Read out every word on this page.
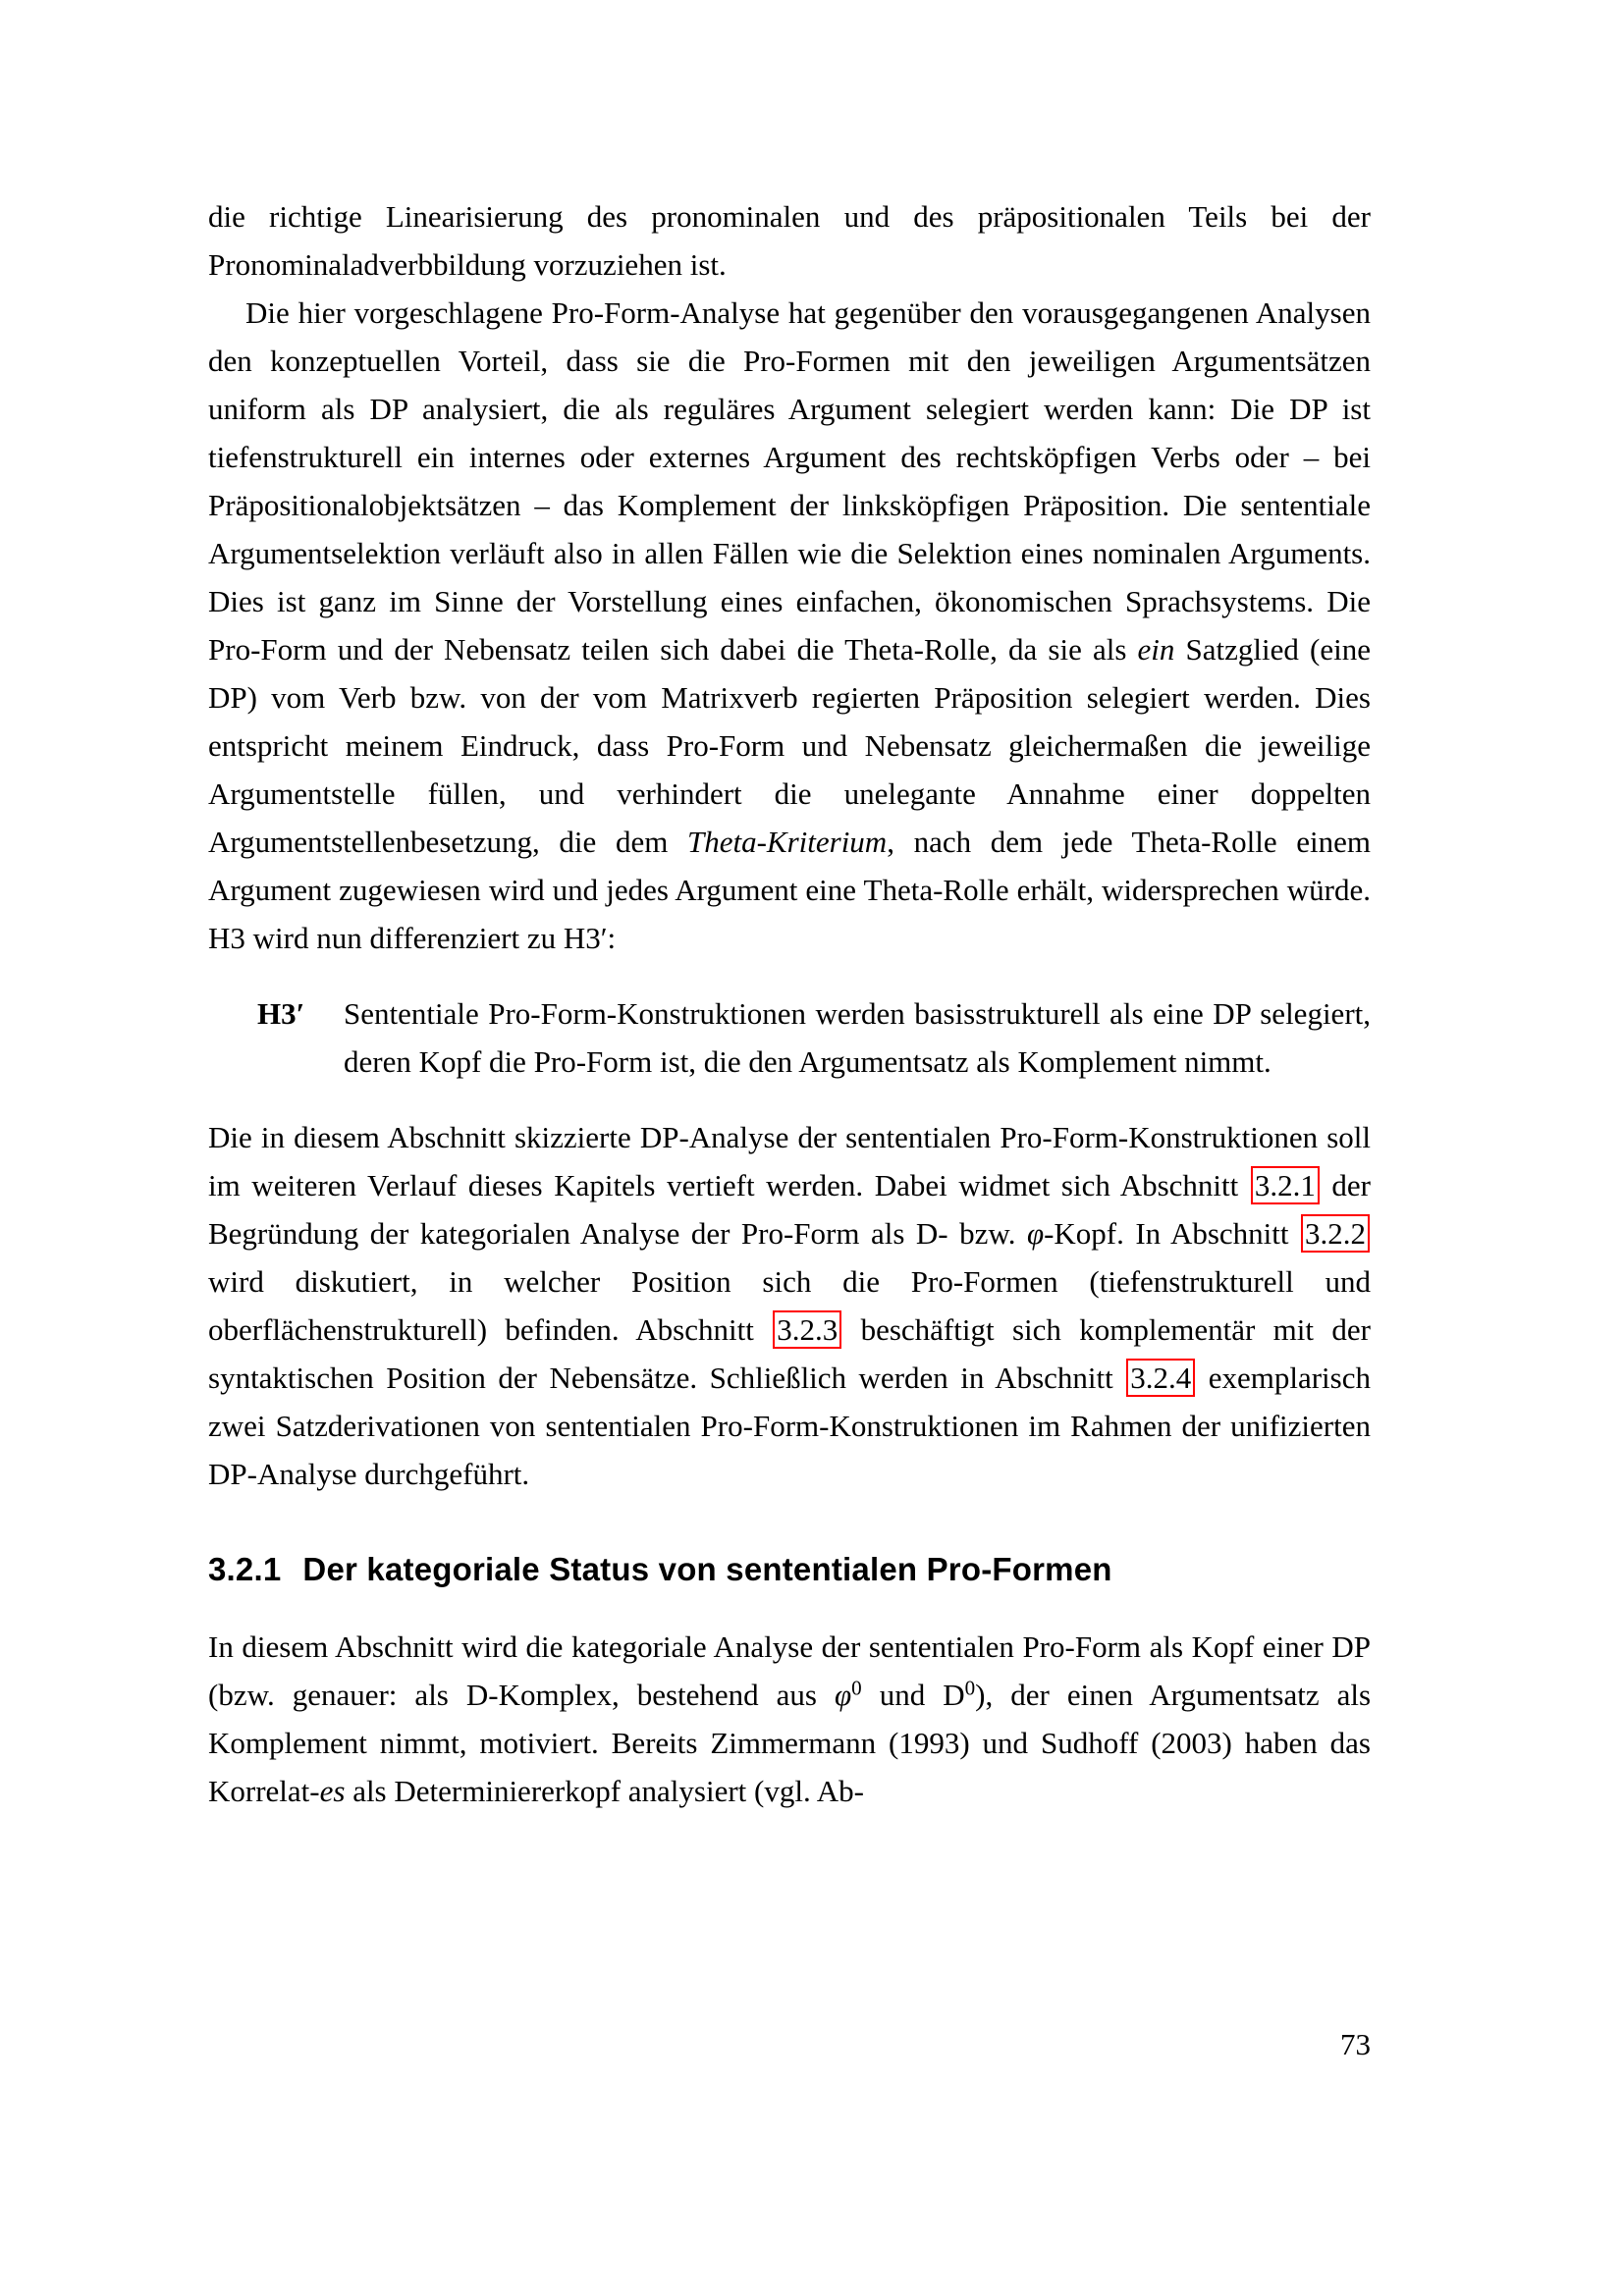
die richtige Linearisierung des pronominalen und des präpositionalen Teils bei der Pronominaladverbbildung vorzuziehen ist.

Die hier vorgeschlagene Pro-Form-Analyse hat gegenüber den vorausgegangenen Analysen den konzeptuellen Vorteil, dass sie die Pro-Formen mit den jeweiligen Argumentsätzen uniform als DP analysiert, die als reguläres Argument selegiert werden kann: Die DP ist tiefenstrukturell ein internes oder externes Argument des rechtsköpfigen Verbs oder – bei Präpositionalobjektsätzen – das Komplement der linksköpfigen Präposition. Die sententiale Argumentselektion verläuft also in allen Fällen wie die Selektion eines nominalen Arguments. Dies ist ganz im Sinne der Vorstellung eines einfachen, ökonomischen Sprachsystems. Die Pro-Form und der Nebensatz teilen sich dabei die Theta-Rolle, da sie als ein Satzglied (eine DP) vom Verb bzw. von der vom Matrixverb regierten Präposition selegiert werden. Dies entspricht meinem Eindruck, dass Pro-Form und Nebensatz gleichermaßen die jeweilige Argumentstelle füllen, und verhindert die unelegante Annahme einer doppelten Argumentstellenbesetzung, die dem Theta-Kriterium, nach dem jede Theta-Rolle einem Argument zugewiesen wird und jedes Argument eine Theta-Rolle erhält, widersprechen würde. H3 wird nun differenziert zu H3′:

H3′ Sententiale Pro-Form-Konstruktionen werden basisstrukturell als eine DP selegiert, deren Kopf die Pro-Form ist, die den Argumentsatz als Komplement nimmt.

Die in diesem Abschnitt skizzierte DP-Analyse der sententialen Pro-Form-Konstruktionen soll im weiteren Verlauf dieses Kapitels vertieft werden. Dabei widmet sich Abschnitt 3.2.1 der Begründung der kategorialen Analyse der Pro-Form als D- bzw. φ-Kopf. In Abschnitt 3.2.2 wird diskutiert, in welcher Position sich die Pro-Formen (tiefenstrukturell und oberflächenstrukturell) befinden. Abschnitt 3.2.3 beschäftigt sich komplementär mit der syntaktischen Position der Nebensätze. Schließlich werden in Abschnitt 3.2.4 exemplarisch zwei Satzderivationen von sententialen Pro-Form-Konstruktionen im Rahmen der unifizierten DP-Analyse durchgeführt.

3.2.1 Der kategoriale Status von sententialen Pro-Formen

In diesem Abschnitt wird die kategoriale Analyse der sententialen Pro-Form als Kopf einer DP (bzw. genauer: als D-Komplex, bestehend aus $\varphi^0$ und $D^0$), der einen Argumentsatz als Komplement nimmt, motiviert. Bereits Zimmermann (1993) und Sudhoff (2003) haben das Korrelat-es als Determiniererkopf analysiert (vgl. Ab-

73
